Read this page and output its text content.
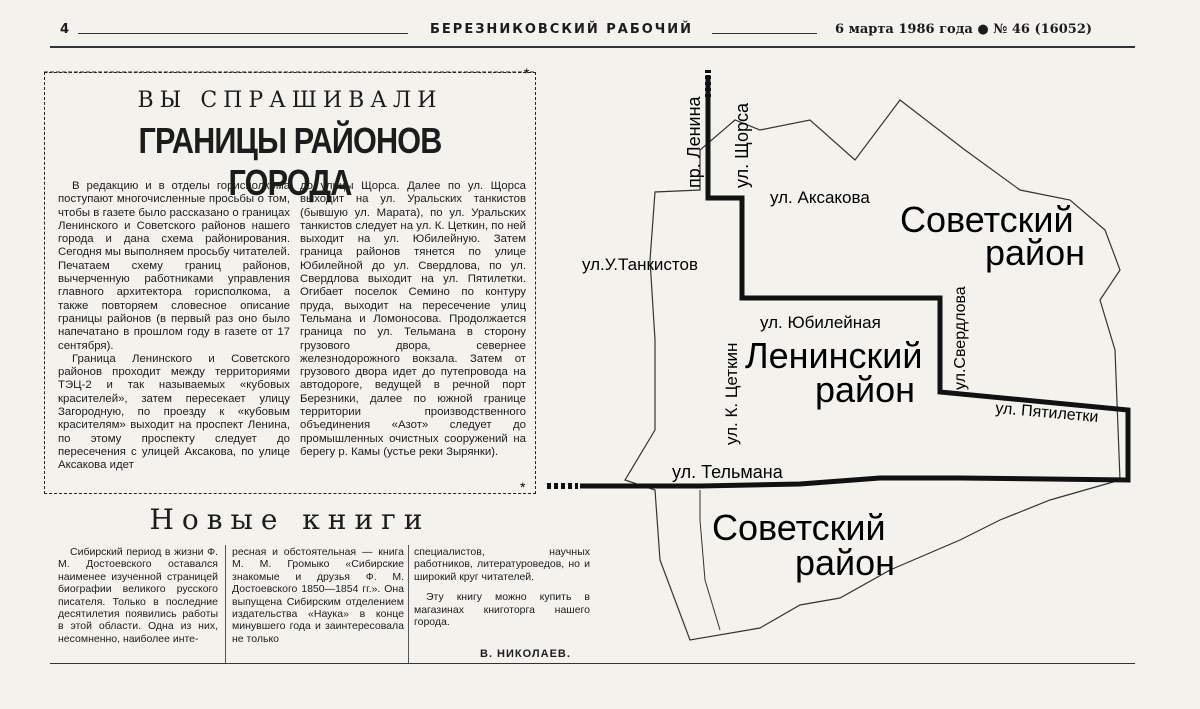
4	БЕРЕЗНИКОВСКИЙ РАБОЧИЙ	6 марта 1986 года ● № 46 (16052)
ВЫ СПРАШИВАЛИ
ГРАНИЦЫ РАЙОНОВ ГОРОДА

В редакцию и в отделы горисполкома поступают многочисленные просьбы о том, чтобы в газете было рассказано о границах Ленинского и Советского районов нашего города и дана схема районирования. Сегодня мы выполняем просьбу читателей. Печатаем схему границ районов, вычерченную работниками управления главного архитектора горисполкома, а также повторяем словесное описание границы районов (в первый раз оно было напечатано в прошлом году в газете от 17 сентября).

Граница Ленинского и Советского районов проходит между территориями ТЭЦ-2 и так называемых «кубовых красителей», затем пересекает улицу Загородную, по проезду к «кубовым красителям» выходит на проспект Ленина, по этому проспекту следует до пересечения с улицей Аксакова, по улице Аксакова идет

до улицы Щорса. Далее по ул. Щорса выходит на ул. Уральских танкистов (бывшую ул. Марата), по ул. Уральских танкистов следует на ул. К. Цеткин, по ней выходит на ул. Юбилейную. Затем граница районов тянется по улице Юбилейной до ул. Свердлова, по ул. Свердлова выходит на ул. Пятилетки. Огибает поселок Семино по контуру пруда, выходит на пересечение улиц Тельмана и Ломоносова. Продолжается граница по ул. Тельмана в сторону грузового двора, севернее железнодорожного вокзала. Затем от грузового двора идет до путепровода на автодороге, ведущей в речной порт Березники, далее по южной границе территории производственного объединения «Азот» следует до промышленных очистных сооружений на берегу р. Камы (устье реки Зырянки).

Новые книги

Сибирский период в жизни Ф. М. Достоевского оставался наименее изученной страницей биографии великого русского писателя. Только в последние десятилетия появились работы в этой области. Одна из них, несомненно, наиболее инте-

ресная и обстоятельная — книга М. М. Громыко «Сибирские знакомые и друзья Ф. М. Достоевского 1850—1854 гг.». Она выпущена Сибирским отделением издательства «Наука» в конце минувшего года и заинтересовала не только

специалистов, научных работников, литературоведов, но и широкий круг читателей.

Эту книгу можно купить в магазинах книготорга нашего города.

В. НИКОЛАЕВ.
*
*
пр. Ленина ул. Щорса
ул. Аксакова
ул.У.Танкистов
ул. К. Цеткин
ул. Юбилейная	ул.Свердлова
ул. Пятилетки
ул. Тельмана
Советский
район
Ленинский
район
Советский
район
